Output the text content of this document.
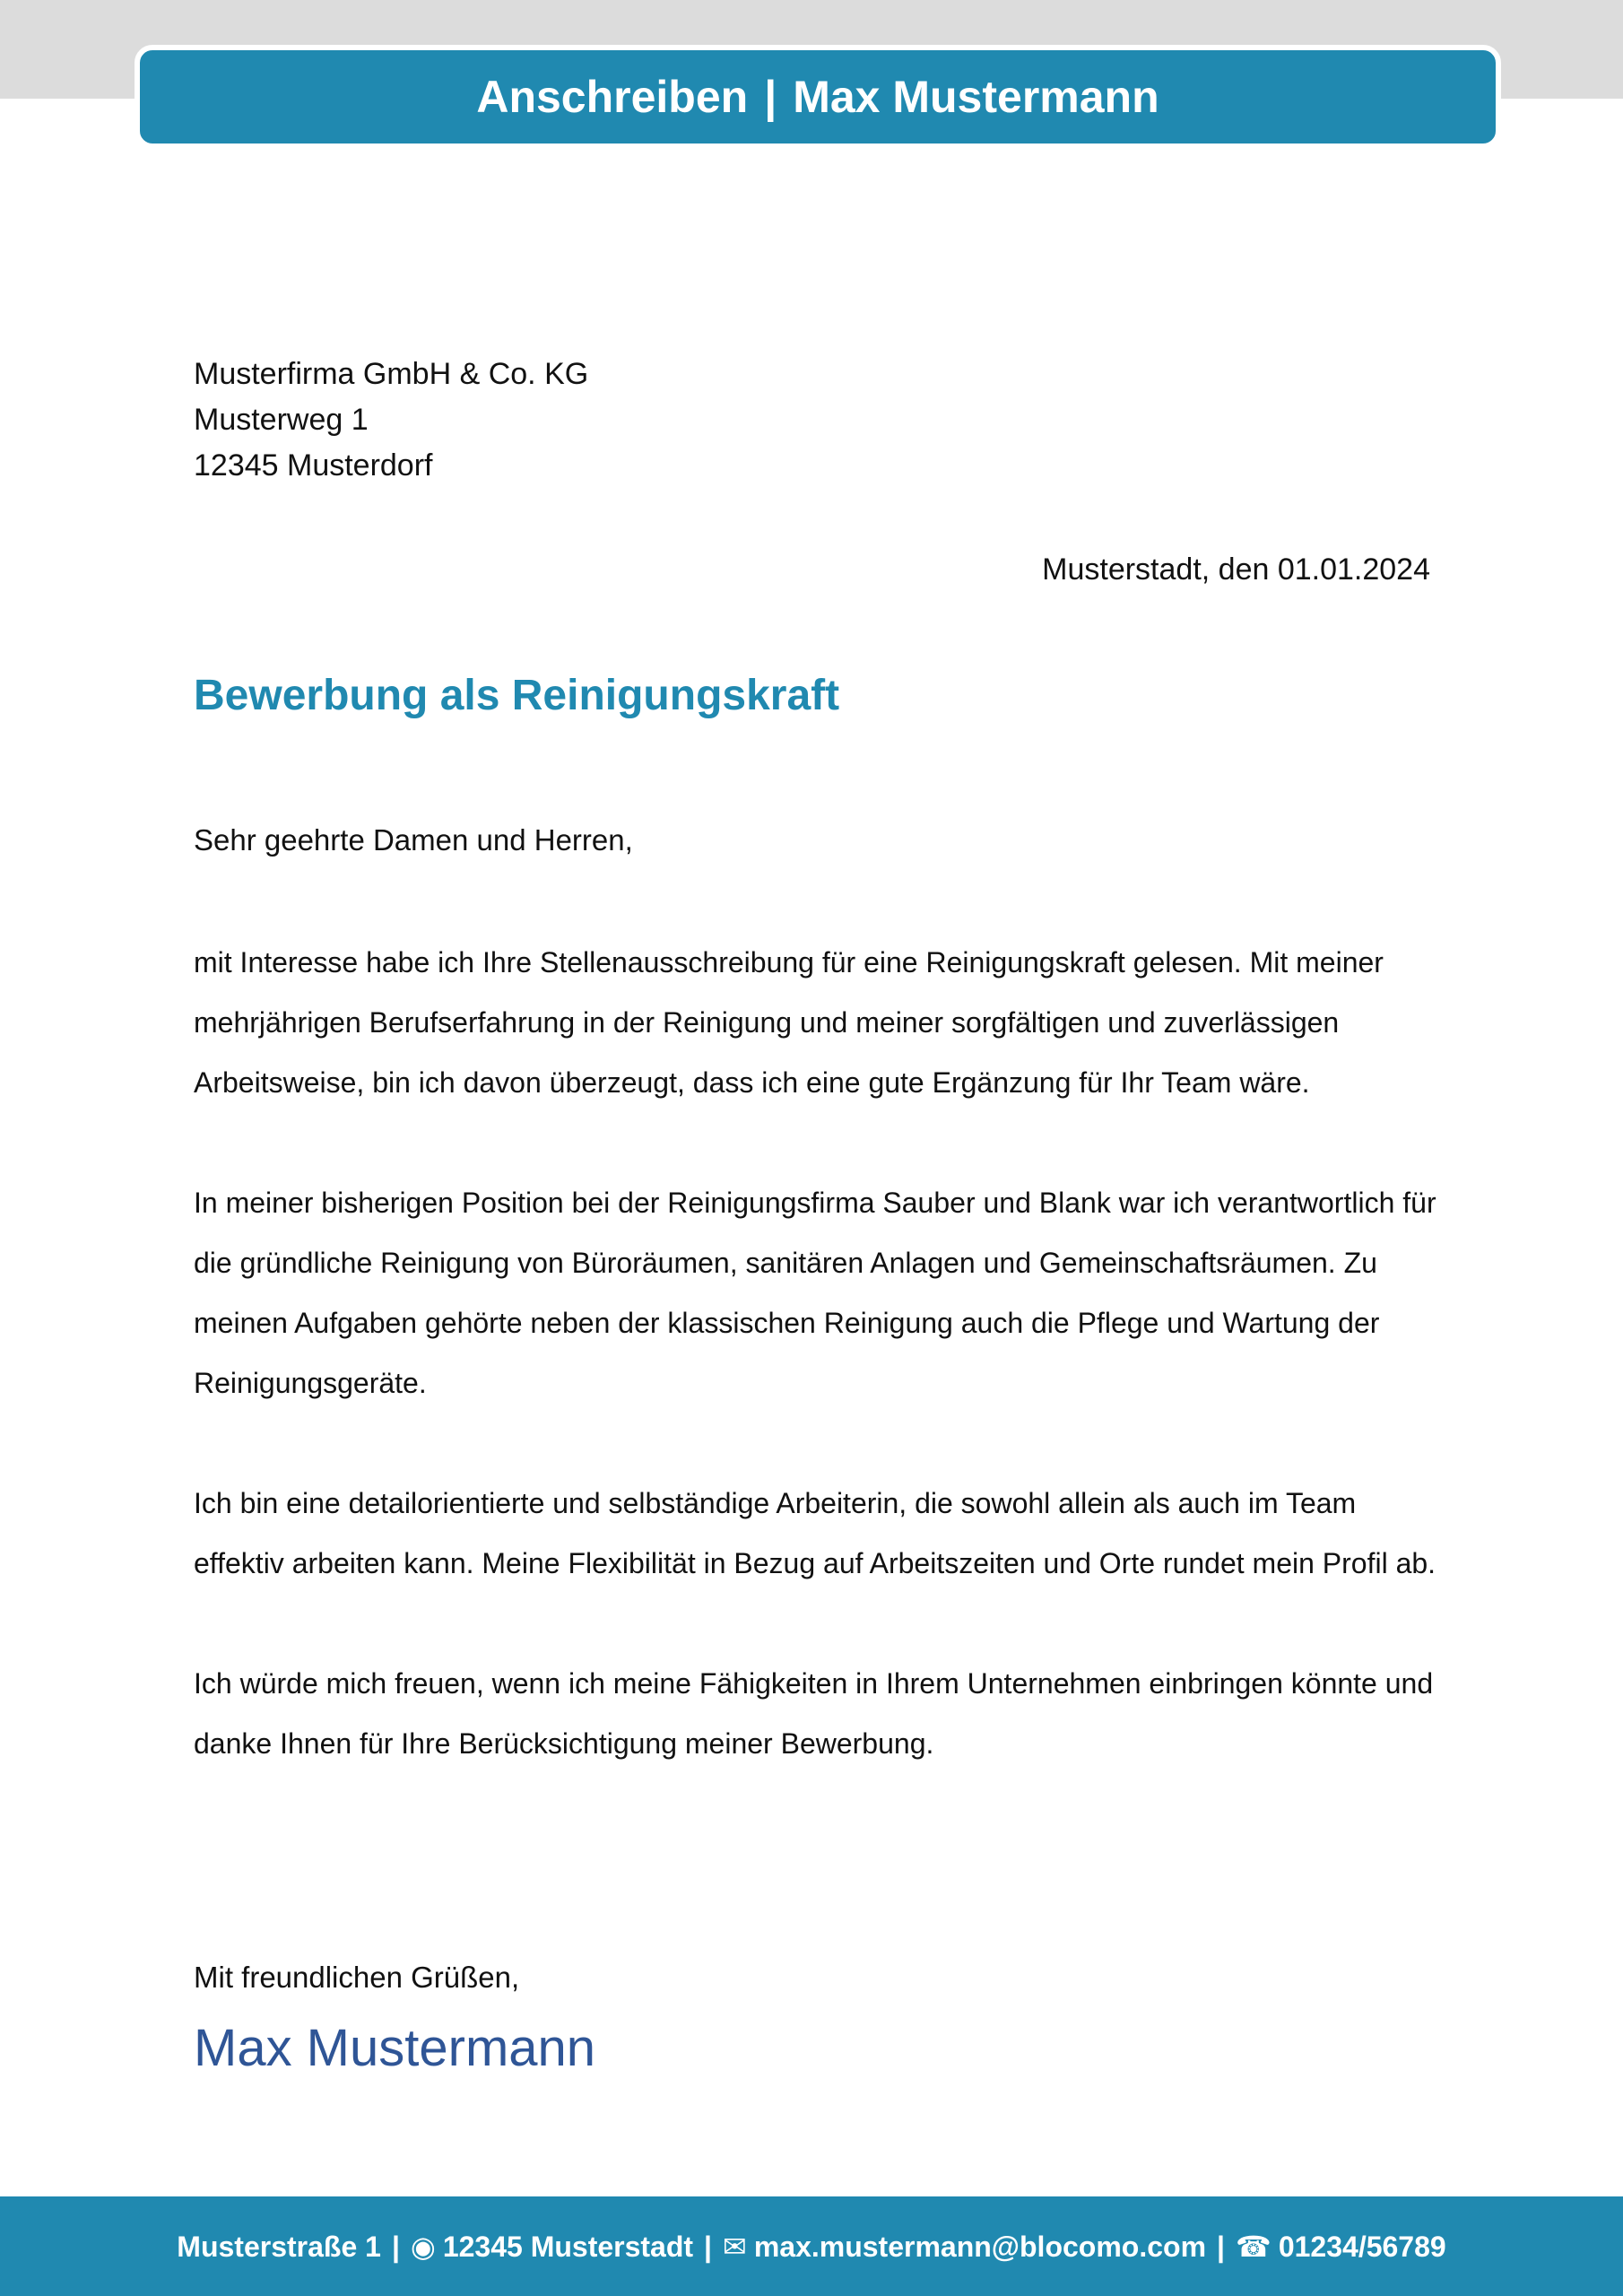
Anschreiben | Max Mustermann
Musterfirma GmbH & Co. KG
Musterweg 1
12345 Musterdorf
Musterstadt, den 01.01.2024
Bewerbung als Reinigungskraft
Sehr geehrte Damen und Herren,

mit Interesse habe ich Ihre Stellenausschreibung für eine Reinigungskraft gelesen. Mit meiner mehrjährigen Berufserfahrung in der Reinigung und meiner sorgfältigen und zuverlässigen Arbeitsweise, bin ich davon überzeugt, dass ich eine gute Ergänzung für Ihr Team wäre.

In meiner bisherigen Position bei der Reinigungsfirma Sauber und Blank war ich verantwortlich für die gründliche Reinigung von Büroräumen, sanitären Anlagen und Gemeinschaftsräumen. Zu meinen Aufgaben gehörte neben der klassischen Reinigung auch die Pflege und Wartung der Reinigungsgeräte.

Ich bin eine detailorientierte und selbständige Arbeiterin, die sowohl allein als auch im Team effektiv arbeiten kann. Meine Flexibilität in Bezug auf Arbeitszeiten und Orte rundet mein Profil ab.

Ich würde mich freuen, wenn ich meine Fähigkeiten in Ihrem Unternehmen einbringen könnte und danke Ihnen für Ihre Berücksichtigung meiner Bewerbung.

Mit freundlichen Grüßen,
Max Mustermann
Musterstraße 1 | ◉ 12345 Musterstadt | ✉ max.mustermann@blocomo.com | ☎ 01234/56789
